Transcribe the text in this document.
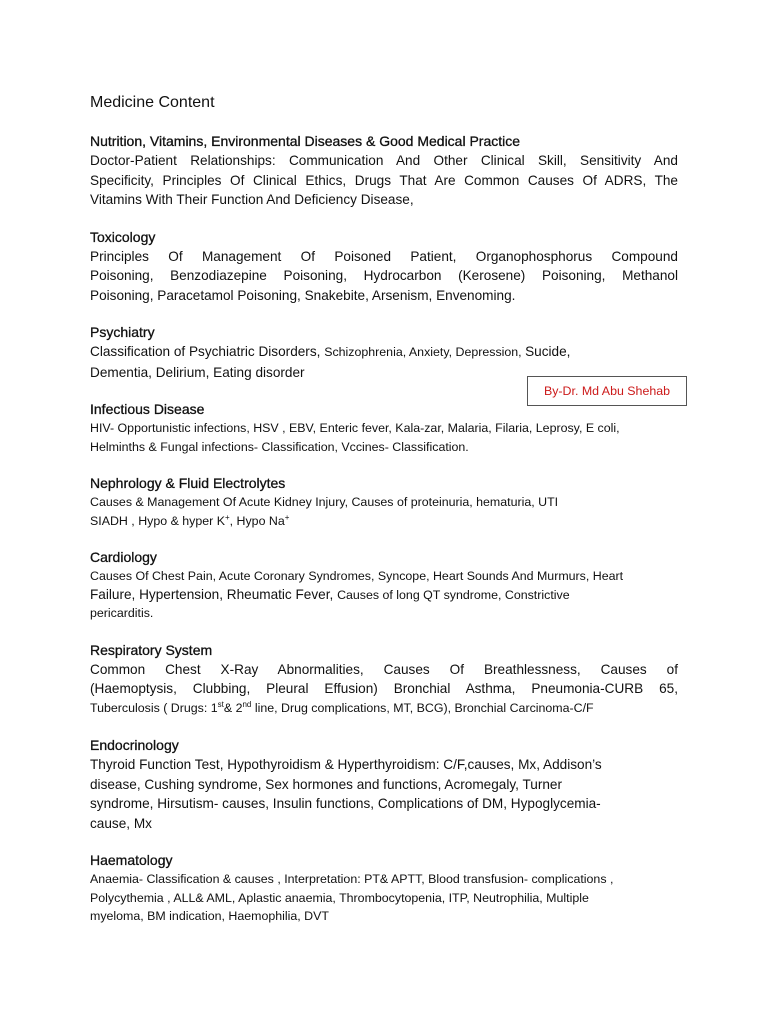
Medicine Content
Nutrition, Vitamins, Environmental Diseases & Good Medical Practice

Doctor-Patient Relationships: Communication And Other Clinical Skill, Sensitivity And
Specificity, Principles Of Clinical Ethics, Drugs That Are Common Causes Of ADRS, The
Vitamins With Their Function And Deficiency Disease,

Toxicology

Principles Of Management Of Poisoned Patient, Organophosphorus Compound
Poisoning, Benzodiazepine Poisoning, Hydrocarbon (Kerosene) Poisoning, Methanol
Poisoning, Paracetamol Poisoning, Snakebite, Arsenism, Envenoming.

Psychiatry

Classification of Psychiatric Disorders, Schizophrenia, Anxiety, Depression, Sucide,
Dementia, Delirium, Eating disorder

Infectious Disease

HIV- Opportunistic infections, HSV , EBV, Enteric fever, Kala-zar, Malaria, Filaria, Leprosy, E coli,
Helminths & Fungal infections- Classification, Vccines- Classification.

Nephrology & Fluid Electrolytes

Causes & Management Of Acute Kidney Injury, Causes of proteinuria, hematuria, UTI
SIADH , Hypo & hyper K+, Hypo Na+

Cardiology

Causes Of Chest Pain, Acute Coronary Syndromes, Syncope, Heart Sounds And Murmurs, Heart
Failure, Hypertension, Rheumatic Fever, Causes of long QT syndrome, Constrictive
pericarditis.

Respiratory System

Common Chest X-Ray Abnormalities, Causes Of Breathlessness, Causes of
(Haemoptysis, Clubbing, Pleural Effusion) Bronchial Asthma, Pneumonia-CURB 65,
Tuberculosis ( Drugs: 1st& 2nd line, Drug complications, MT, BCG), Bronchial Carcinoma-C/F

Endocrinology

Thyroid Function Test, Hypothyroidism & Hyperthyroidism: C/F,causes, Mx, Addison’s
disease, Cushing syndrome, Sex hormones and functions, Acromegaly, Turner
syndrome, Hirsutism- causes, Insulin functions, Complications of DM, Hypoglycemia-
cause, Mx

Haematology

Anaemia- Classification & causes , Interpretation: PT& APTT, Blood transfusion- complications ,
Polycythemia , ALL& AML, Aplastic anaemia, Thrombocytopenia, ITP, Neutrophilia, Multiple
myeloma, BM indication, Haemophilia, DVT

By-Dr. Md Abu Shehab
